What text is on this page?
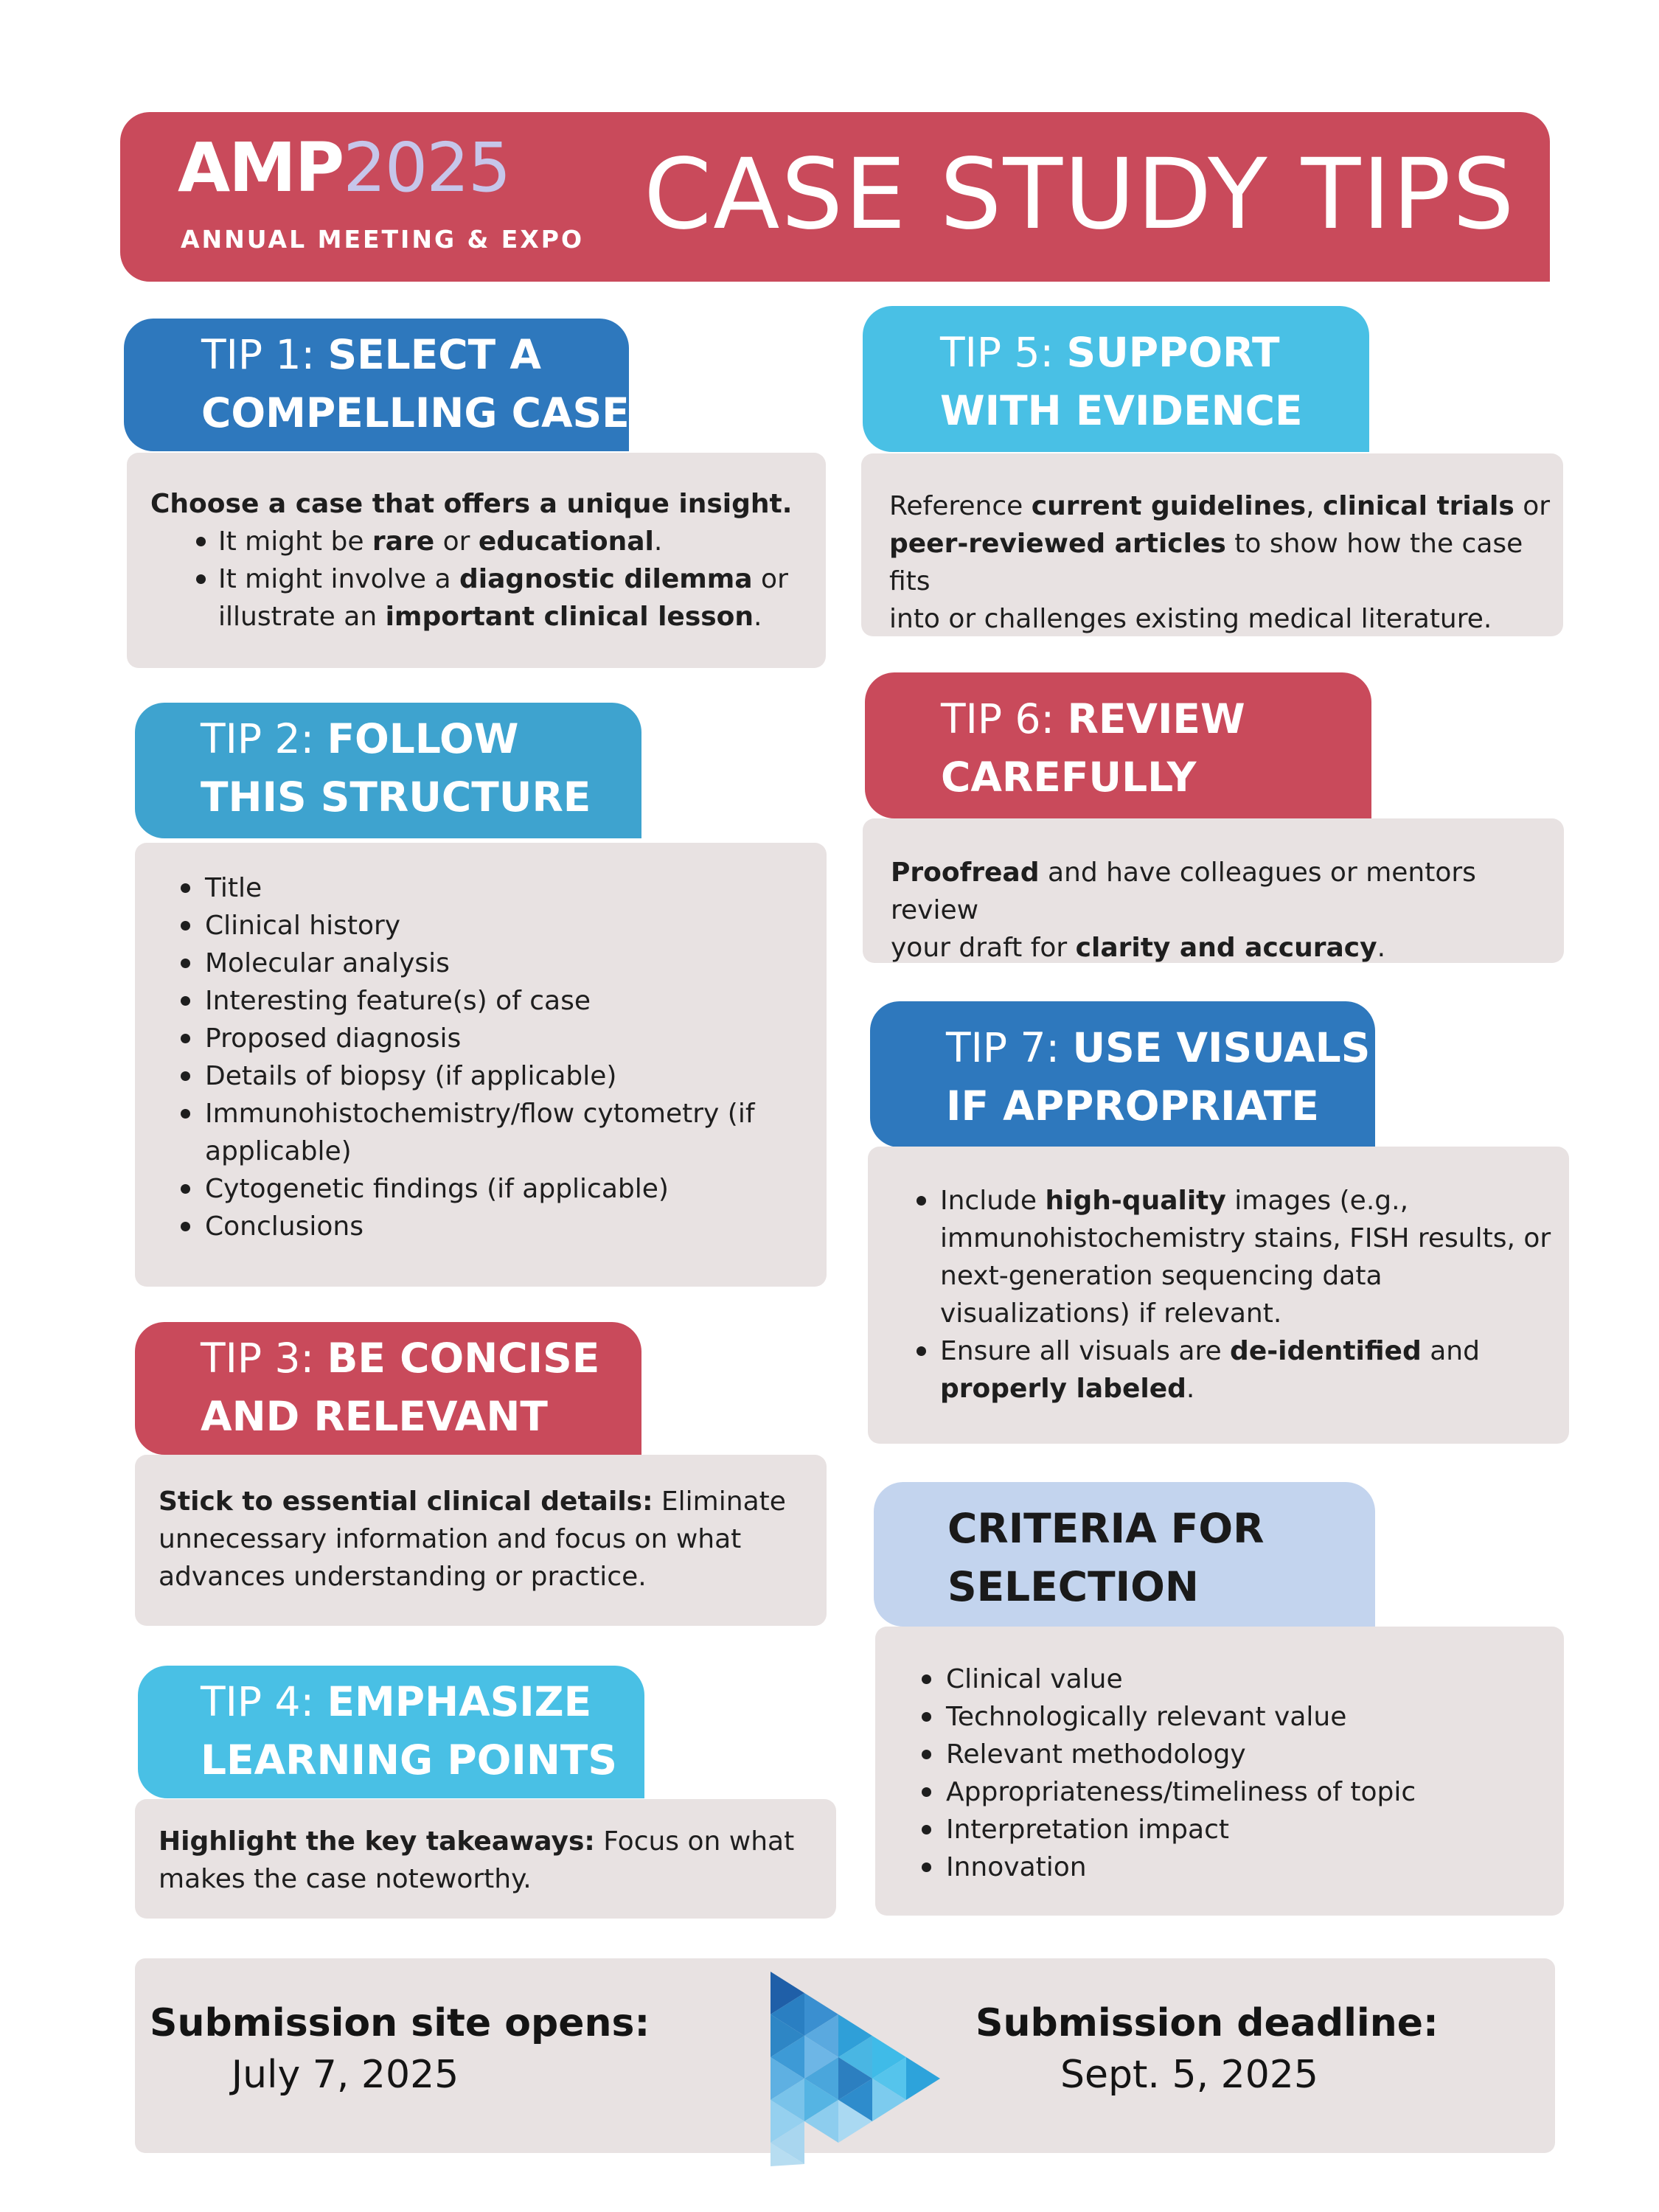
AMP2025
ANNUAL MEETING & EXPO CASE STUDY TIPS
TIP 1: SELECT A
COMPELLING CASE

Choose a case that offers a unique insight.

It might be rare or educational.
It might involve a diagnostic dilemma or
illustrate an important clinical lesson.
TIP 2: FOLLOW
THIS STRUCTURE
Title
Clinical history
Molecular analysis
Interesting feature(s) of case
Proposed diagnosis
Details of biopsy (if applicable)
Immunohistochemistry/flow cytometry (if
applicable)
Cytogenetic findings (if applicable)
Conclusions
TIP 3: BE CONCISE
AND RELEVANT

Stick to essential clinical details: Eliminate

unnecessary information and focus on what

advances understanding or practice.

TIP 4: EMPHASIZE
LEARNING POINTS

Highlight the key takeaways: Focus on what

makes the case noteworthy.

TIP 5: SUPPORT
WITH EVIDENCE

Reference current guidelines, clinical trials or

peer-reviewed articles to show how the case fits

into or challenges existing medical literature.

TIP 6: REVIEW
CAREFULLY

Proofread and have colleagues or mentors review

your draft for clarity and accuracy.

TIP 7: USE VISUALS
IF APPROPRIATE
Include high-quality images (e.g.,
immunohistochemistry stains, FISH results, or
next-generation sequencing data
visualizations) if relevant.
Ensure all visuals are de-identified and
properly labeled.
CRITERIA FOR
SELECTION
Clinical value
Technologically relevant value
Relevant methodology
Appropriateness/timeliness of topic
Interpretation impact
Innovation
Submission site opens:
July 7, 2025
Submission deadline:
Sept. 5, 2025
